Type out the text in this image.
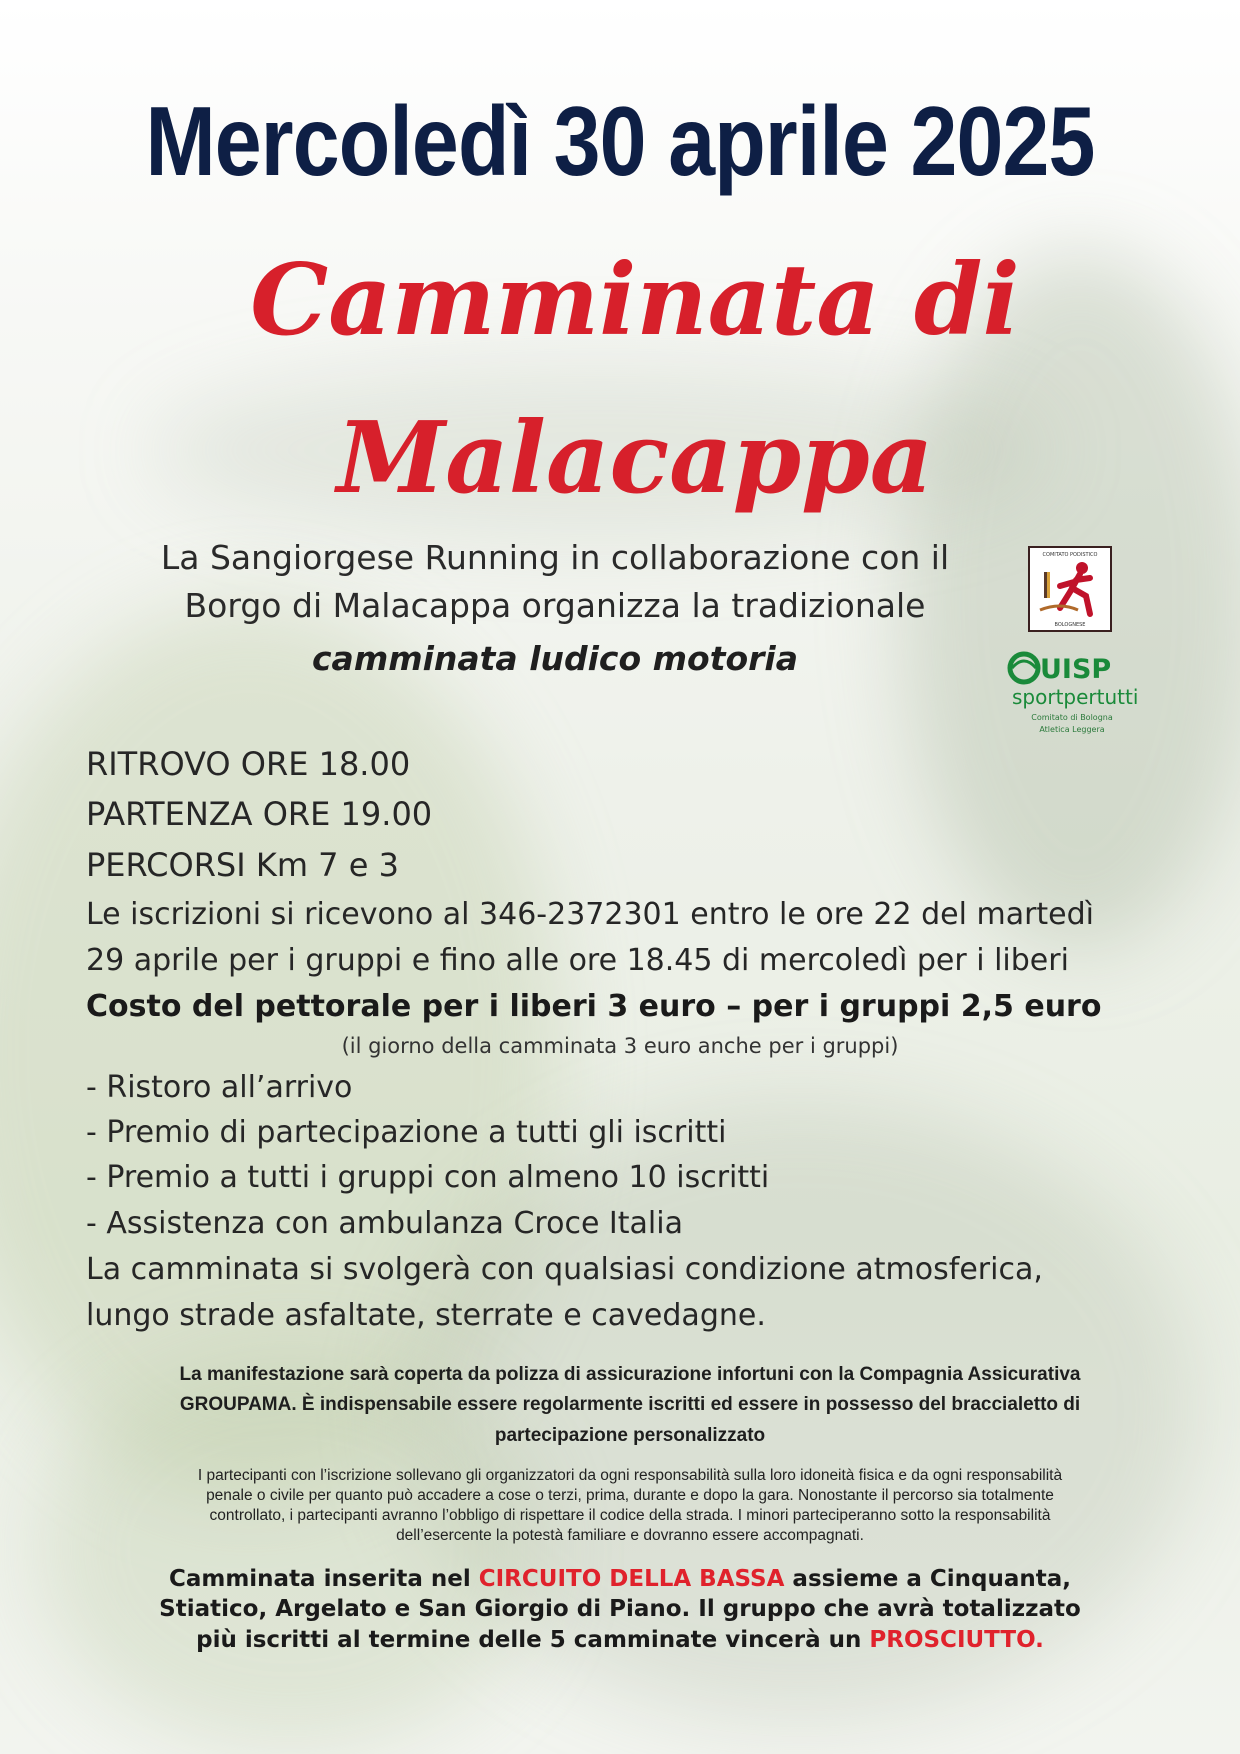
Mercoledì 30 aprile 2025
Camminata di
Malacappa
La Sangiorgese Running in collaborazione con il
Borgo di Malacappa organizza la tradizionale
camminata ludico motoria
COMITATO PODISTICO
BOLOGNESE
UISP
sportpertutti
Comitato di Bologna
Atletica Leggera
RITROVO ORE 18.00
PARTENZA ORE 19.00
PERCORSI Km 7 e 3
Le iscrizioni si ricevono al 346-2372301 entro le ore 22 del martedì
29 aprile per i gruppi e fino alle ore 18.45 di mercoledì per i liberi
Costo del pettorale per i liberi 3 euro – per i gruppi 2,5 euro
(il giorno della camminata 3 euro anche per i gruppi)
- Ristoro all’arrivo
- Premio di partecipazione a tutti gli iscritti
- Premio a tutti i gruppi con almeno 10 iscritti
- Assistenza con ambulanza Croce Italia
La camminata si svolgerà con qualsiasi condizione atmosferica,
lungo strade asfaltate, sterrate e cavedagne.
La manifestazione sarà coperta da polizza di assicurazione infortuni con la Compagnia Assicurativa
GROUPAMA. È indispensabile essere regolarmente iscritti ed essere in possesso del braccialetto di
partecipazione personalizzato
I partecipanti con l’iscrizione sollevano gli organizzatori da ogni responsabilità sulla loro idoneità fisica e da ogni responsabilità
penale o civile per quanto può accadere a cose o terzi, prima, durante e dopo la gara. Nonostante il percorso sia totalmente
controllato, i partecipanti avranno l’obbligo di rispettare il codice della strada. I minori parteciperanno sotto la responsabilità
dell’esercente la potestà familiare e dovranno essere accompagnati.
Camminata inserita nel CIRCUITO DELLA BASSA assieme a Cinquanta,
Stiatico, Argelato e San Giorgio di Piano. Il gruppo che avrà totalizzato
più iscritti al termine delle 5 camminate vincerà un PROSCIUTTO.
